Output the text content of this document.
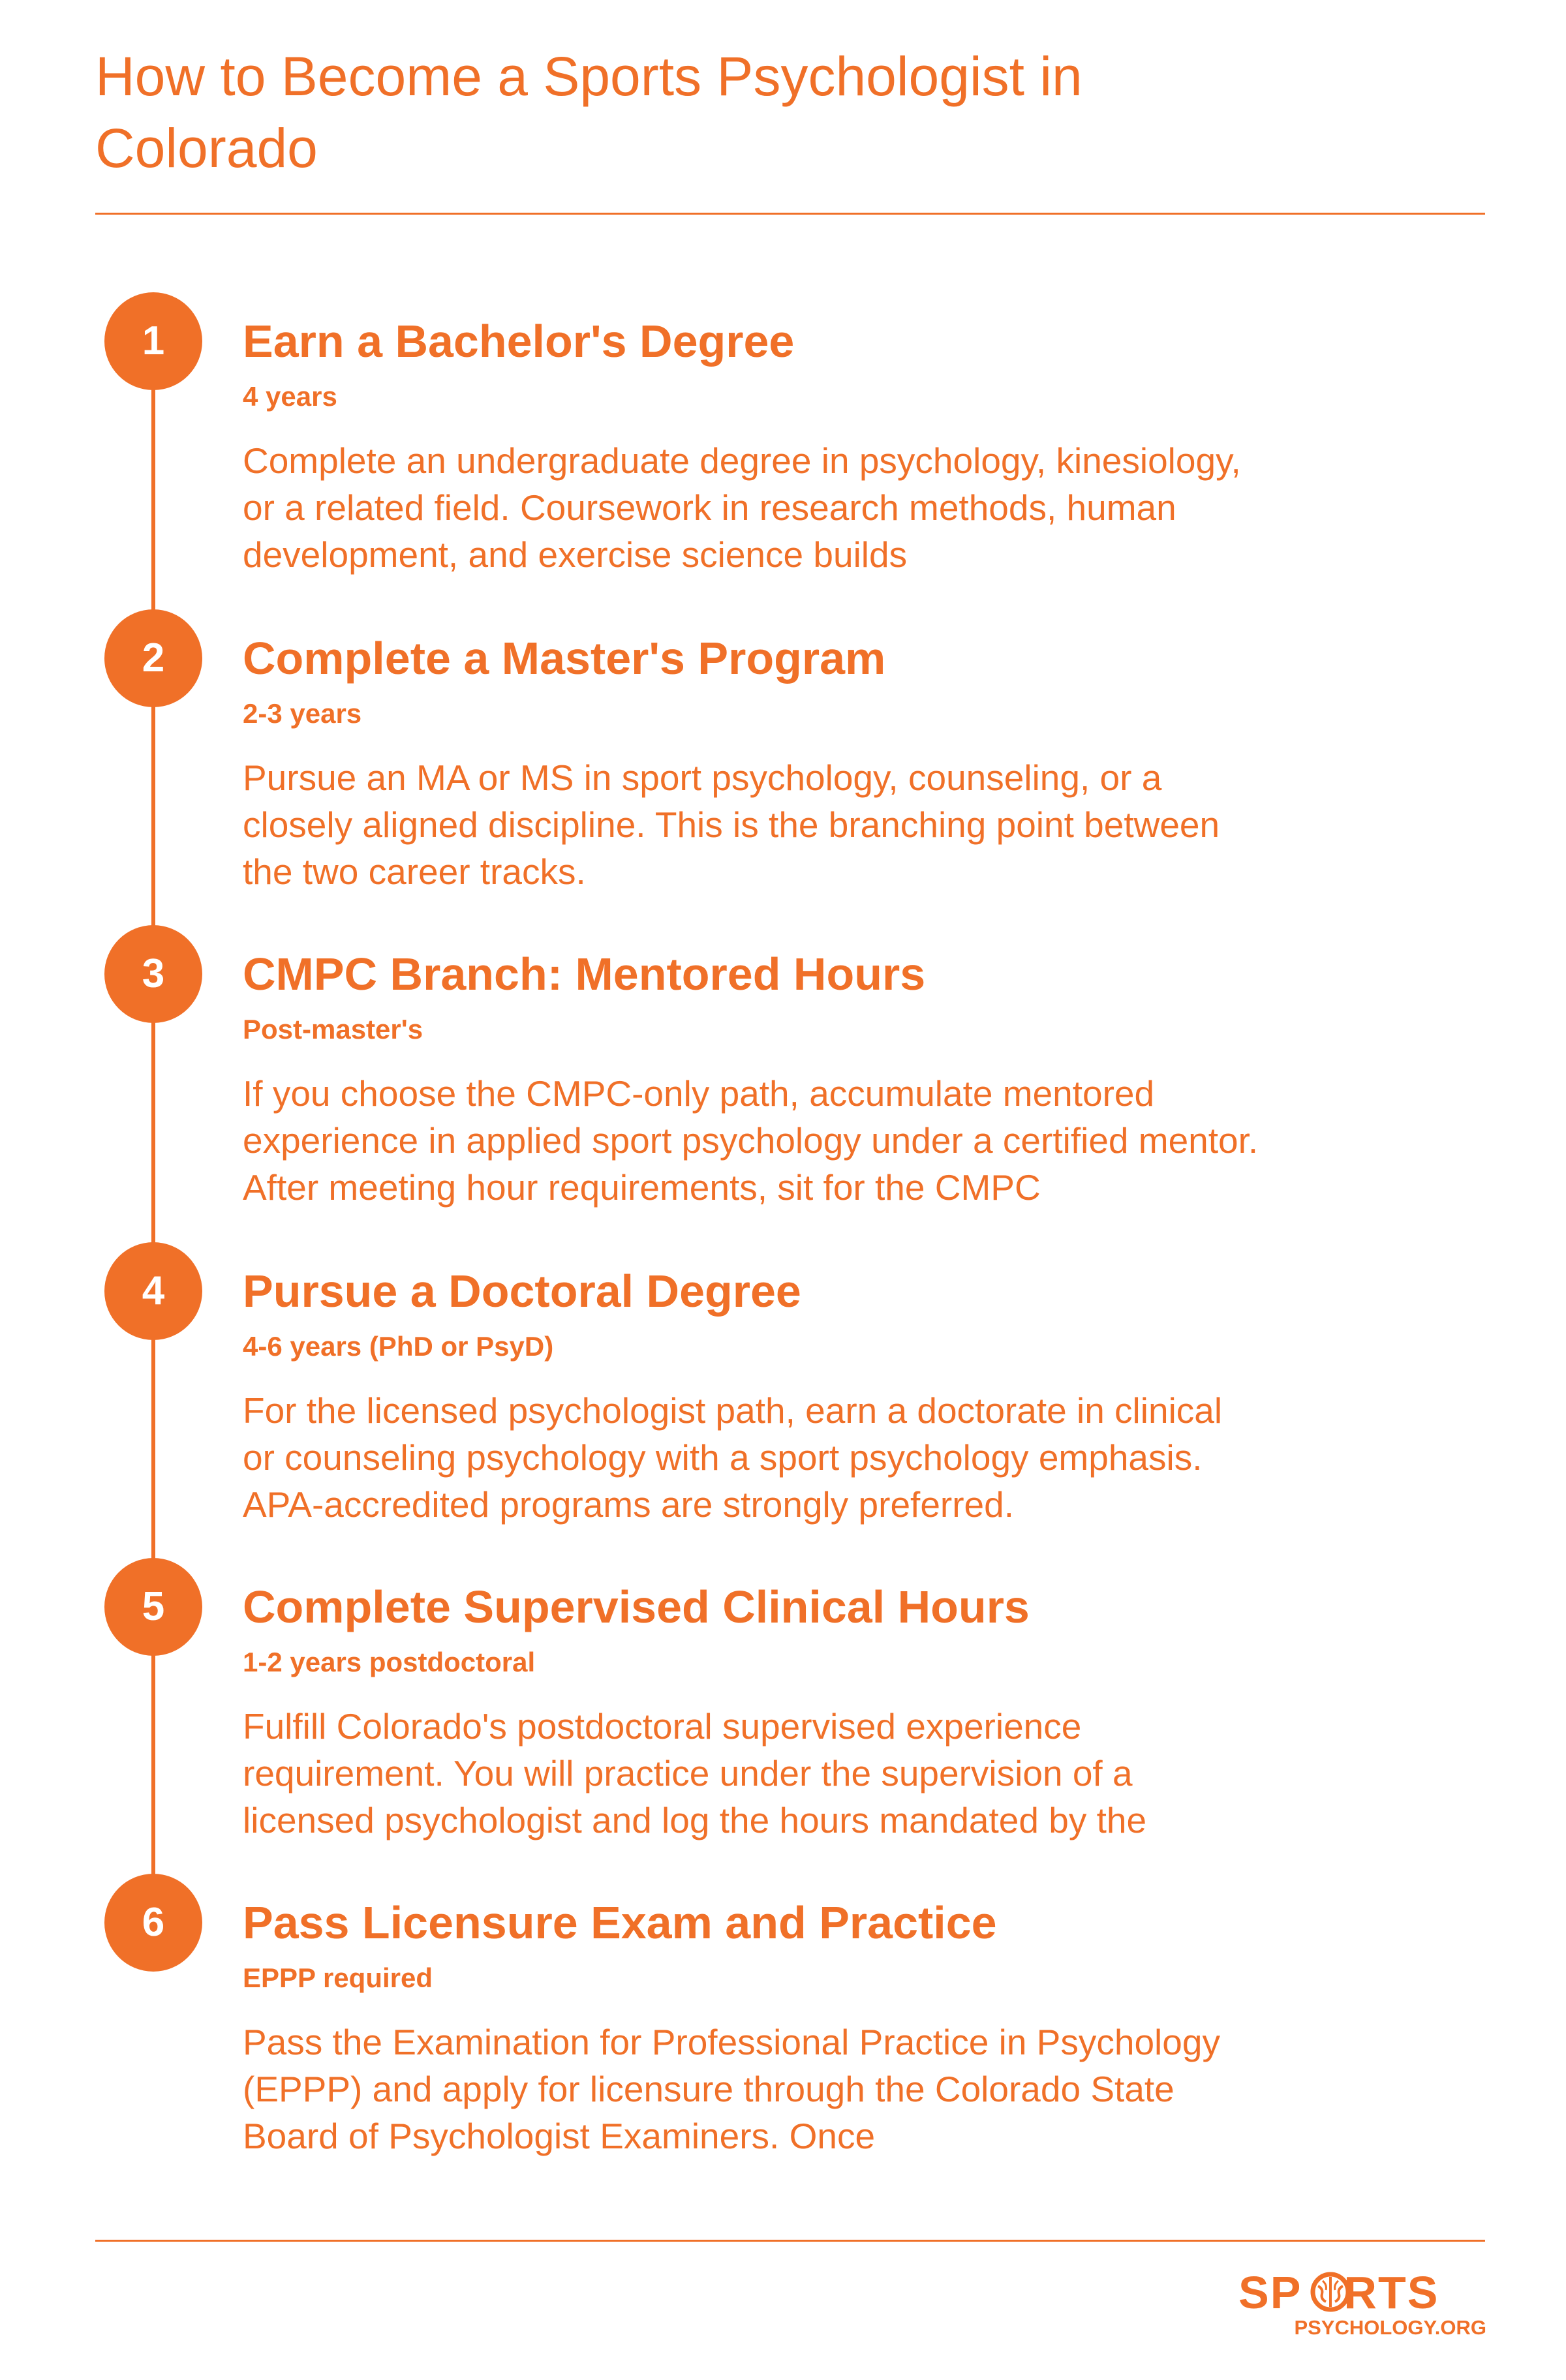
How to Become a Sports Psychologist in Colorado
1	Earn a Bachelor's Degree
4 years

Complete an undergraduate degree in psychology, kinesiology, or a related field. Coursework in research methods, human development, and exercise science builds

2	Complete a Master's Program
2-3 years

Pursue an MA or MS in sport psychology, counseling, or a closely aligned discipline. This is the branching point between the two career tracks.

3	CMPC Branch: Mentored Hours
Post-master's

If you choose the CMPC-only path, accumulate mentored experience in applied sport psychology under a certified mentor. After meeting hour requirements, sit for the CMPC

4	Pursue a Doctoral Degree
4-6 years (PhD or PsyD)

For the licensed psychologist path, earn a doctorate in clinical or counseling psychology with a sport psychology emphasis. APA-accredited programs are strongly preferred.

5	Complete Supervised Clinical Hours
1-2 years postdoctoral

Fulfill Colorado's postdoctoral supervised experience requirement. You will practice under the supervision of a licensed psychologist and log the hours mandated by the

6	Pass Licensure Exam and Practice
EPPP required

Pass the Examination for Professional Practice in Psychology (EPPP) and apply for licensure through the Colorado State Board of Psychologist Examiners. Once

SP RTS
PSYCHOLOGY.ORG
